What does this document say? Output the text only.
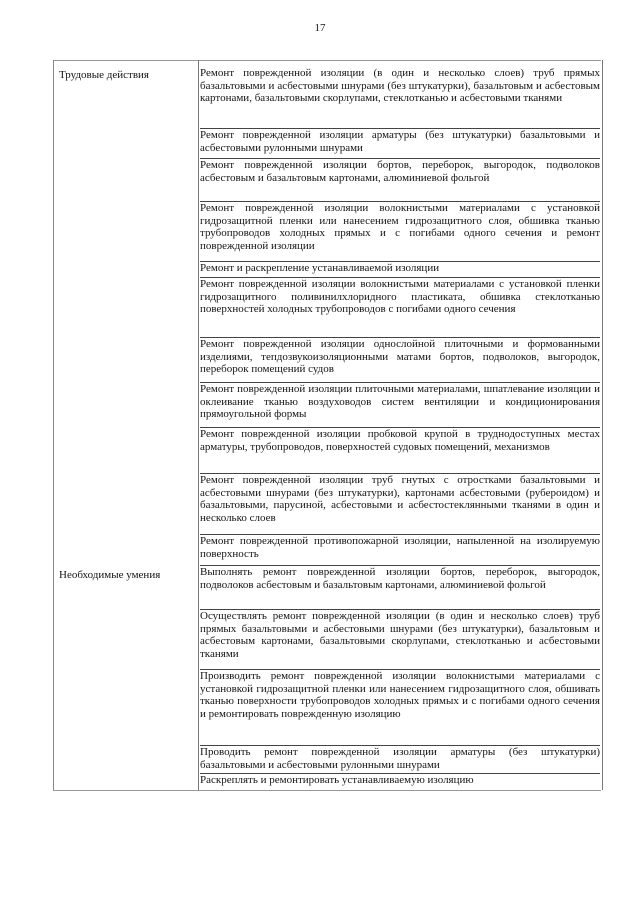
17
Трудовые действия
Необходимые умения
Ремонт поврежденной изоляции (в один и несколько слоев) труб прямых базальтовыми и асбестовыми шнурами (без штукатурки), базальтовым и асбестовым картонами, базальтовыми скорлупами, стеклотканью и асбестовыми тканями
Ремонт поврежденной изоляции арматуры (без штукатурки) базальтовыми и асбестовыми рулонными шнурами
Ремонт поврежденной изоляции бортов, переборок, выгородок, подволоков асбестовым и базальтовым картонами, алюминиевой фольгой
Ремонт поврежденной изоляции волокнистыми материалами с установкой гидрозащитной пленки или нанесением гидрозащитного слоя, обшивка тканью трубопроводов холодных прямых и с погибами одного сечения и ремонт поврежденной изоляции
Ремонт и раскрепление устанавливаемой изоляции
Ремонт поврежденной изоляции волокнистыми материалами с установкой пленки гидрозащитного поливинилхлоридного пластиката, обшивка стеклотканью поверхностей холодных трубопроводов с погибами одного сечения
Ремонт поврежденной изоляции однослойной плиточными и формованными изделиями, тепдозвукоизоляционными матами бортов, подволоков, выгородок, переборок помещений судов
Ремонт поврежденной изоляции плиточными материалами, шпатлевание изоляции и оклеивание тканью воздуховодов систем вентиляции и кондиционирования прямоугольной формы
Ремонт поврежденной изоляции пробковой крупой в труднодоступных местах арматуры, трубопроводов, поверхностей судовых помещений, механизмов
Ремонт поврежденной изоляции труб гнутых с отростками базальтовыми и асбестовыми шнурами (без штукатурки), картонами асбестовыми (рубероидом) и базальтовыми, парусиной, асбестовыми и асбестостеклянными тканями в один и несколько слоев
Ремонт поврежденной противопожарной изоляции, напыленной на изолируемую поверхность
Выполнять ремонт поврежденной изоляции бортов, переборок, выгородок, подволоков асбестовым и базальтовым картонами, алюминиевой фольгой
Осуществлять ремонт поврежденной изоляции (в один и несколько слоев) труб прямых базальтовыми и асбестовыми шнурами (без штукатурки), базальтовым и асбестовым картонами, базальтовыми скорлупами, стеклотканью и асбестовыми тканями
Производить ремонт поврежденной изоляции волокнистыми материалами с установкой гидрозащитной пленки или нанесением гидрозащитного слоя, обшивать тканью поверхности трубопроводов холодных прямых и с погибами одного сечения и ремонтировать поврежденную изоляцию
Проводить ремонт поврежденной изоляции арматуры (без штукатурки) базальтовыми и асбестовыми рулонными шнурами
Раскреплять и ремонтировать устанавливаемую изоляцию
